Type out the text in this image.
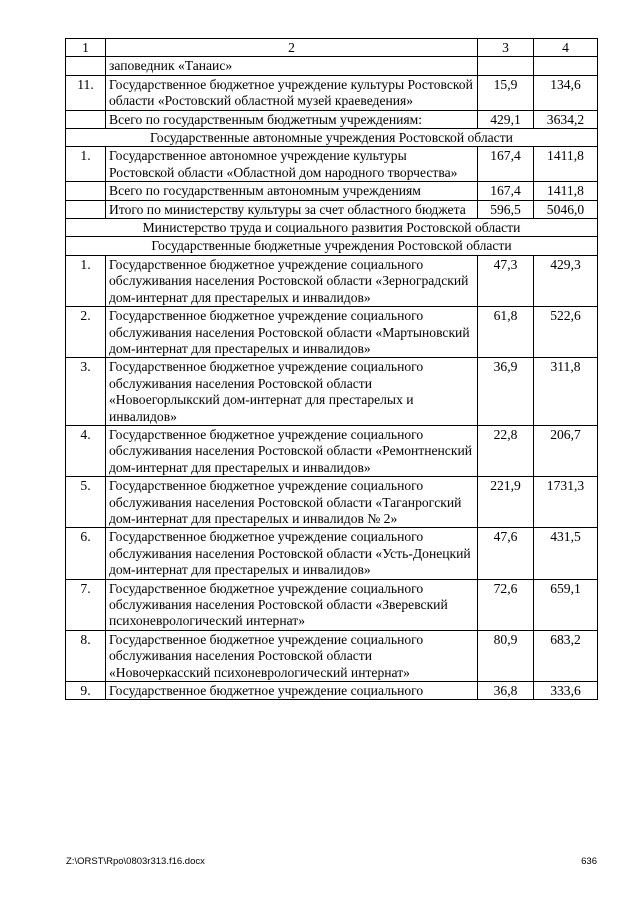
1	2	3	4
	заповедник «Танаис»		
11.	Государственное бюджетное учреждение культуры Ростовской области «Ростовский областной музей краеведения»	15,9	134,6
	Всего по государственным бюджетным учреждениям:	429,1	3634,2
Государственные автономные учреждения Ростовской области			
1.	Государственное автономное учреждение культуры Ростовской области «Областной дом народного творчества»	167,4	1411,8
	Всего по государственным автономным учреждениям	167,4	1411,8
	Итого по министерству культуры за счет областного бюджета	596,5	5046,0
Министерство труда и социального развития Ростовской области			
Государственные бюджетные учреждения Ростовской области			
1.	Государственное бюджетное учреждение социального обслуживания населения Ростовской области «Зерноградский дом-интернат для престарелых и инвалидов»	47,3	429,3
2.	Государственное бюджетное учреждение социального обслуживания населения Ростовской области «Мартыновский дом-интернат для престарелых и инвалидов»	61,8	522,6
3.	Государственное бюджетное учреждение социального обслуживания населения Ростовской области «Новоегорлыкский дом-интернат для престарелых и инвалидов»	36,9	311,8
4.	Государственное бюджетное учреждение социального обслуживания населения Ростовской области «Ремонтненский дом-интернат для престарелых и инвалидов»	22,8	206,7
5.	Государственное бюджетное учреждение социального обслуживания населения Ростовской области «Таганрогский дом-интернат для престарелых и инвалидов № 2»	221,9	1731,3
6.	Государственное бюджетное учреждение социального обслуживания населения Ростовской области «Усть-Донецкий дом-интернат для престарелых и инвалидов»	47,6	431,5
7.	Государственное бюджетное учреждение социального обслуживания населения Ростовской области «Зверевский психоневрологический интернат»	72,6	659,1
8.	Государственное бюджетное учреждение социального обслуживания населения Ростовской области «Новочеркасский психоневрологический интернат»	80,9	683,2
9.	Государственное бюджетное учреждение социального	36,8	333,6
Z:\ORST\Rpo\0803r313.f16.docx	636
